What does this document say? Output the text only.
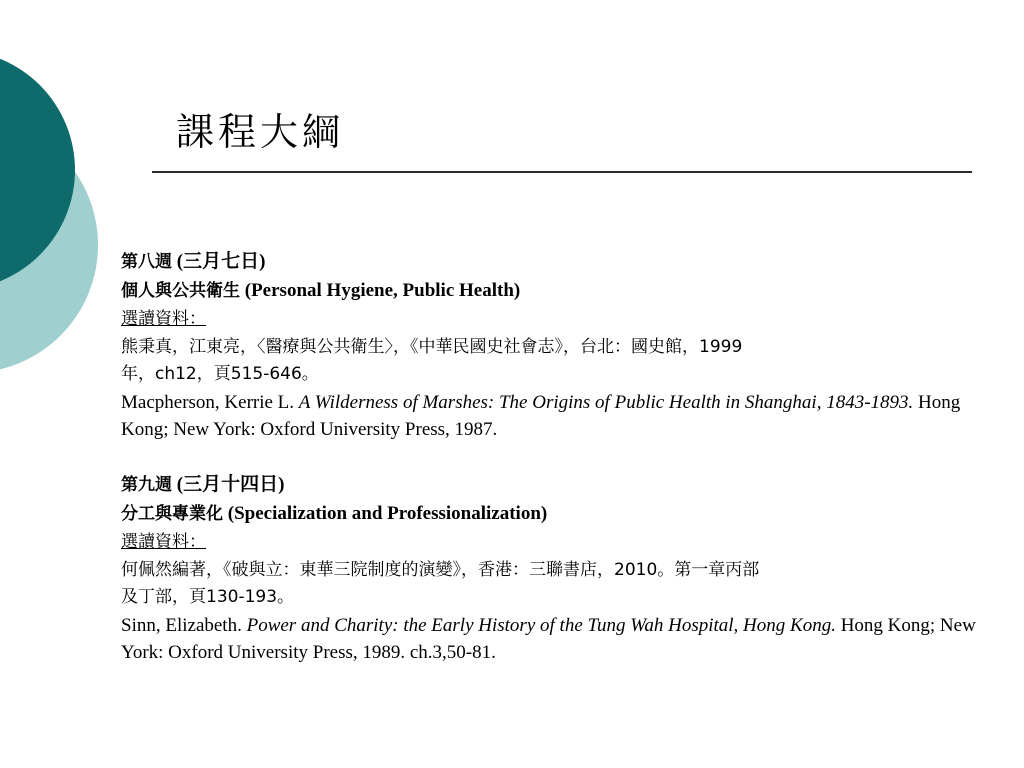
課程大綱
第八週 (三月七日)
個人與公共衛生 (Personal Hygiene, Public Health)
選讀資料：
熊秉真，江東亮，〈醫療與公共衛生〉，《中華民國史社會志》，台北：國史館，1999
年，ch12，頁515-646。
Macpherson, Kerrie L. A Wilderness of Marshes: The Origins of Public Health in Shanghai, 1843-1893. Hong Kong; New York: Oxford University Press, 1987.
第九週 (三月十四日)
分工與專業化 (Specialization and Professionalization)
選讀資料：
何佩然編著，《破與立：東華三院制度的演變》，香港：三聯書店，2010。第一章丙部
及丁部，頁130-193。
Sinn, Elizabeth. Power and Charity: the Early History of the Tung Wah Hospital, Hong Kong. Hong Kong; New York: Oxford University Press, 1989. ch.3,50-81.
